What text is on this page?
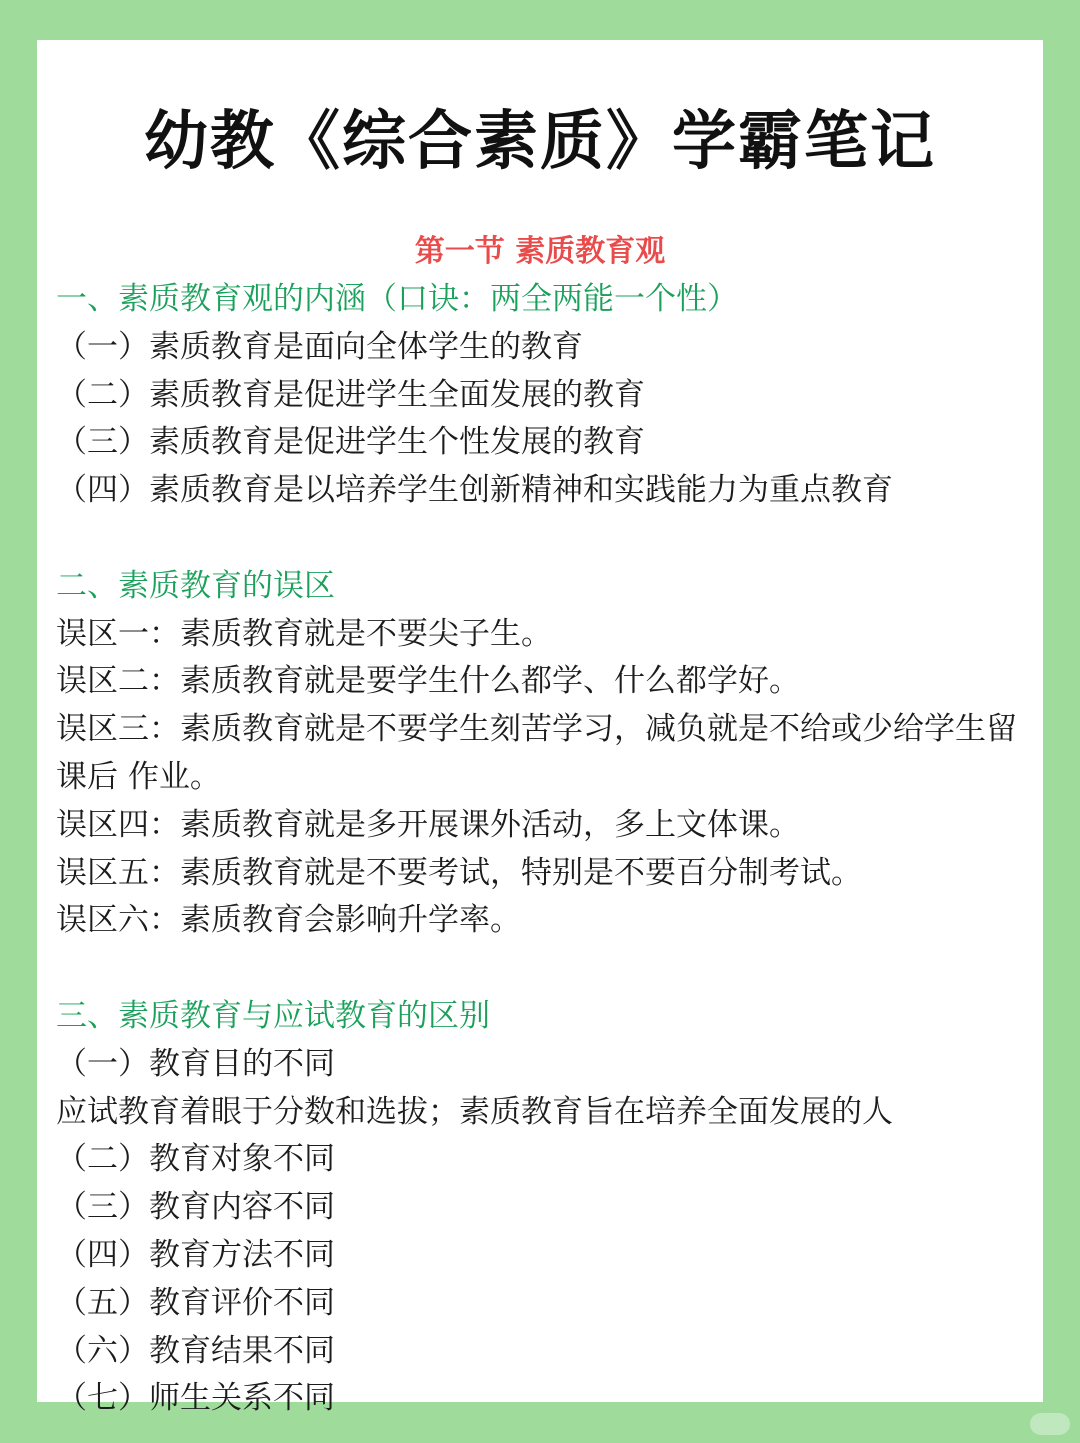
幼教《综合素质》学霸笔记
第一节 素质教育观
一、素质教育观的内涵（口诀：两全两能一个性）
（一）素质教育是面向全体学生的教育
（二）素质教育是促进学生全面发展的教育
（三）素质教育是促进学生个性发展的教育
（四）素质教育是以培养学生创新精神和实践能力为重点教育
二、素质教育的误区
误区一：素质教育就是不要尖子生。
误区二：素质教育就是要学生什么都学、什么都学好。
误区三：素质教育就是不要学生刻苦学习，减负就是不给或少给学生留课后 作业。
误区四：素质教育就是多开展课外活动，多上文体课。
误区五：素质教育就是不要考试，特别是不要百分制考试。
误区六：素质教育会影响升学率。
三、素质教育与应试教育的区别
（一）教育目的不同
应试教育着眼于分数和选拔；素质教育旨在培养全面发展的人
（二）教育对象不同
（三）教育内容不同
（四）教育方法不同
（五）教育评价不同
（六）教育结果不同
（七）师生关系不同
